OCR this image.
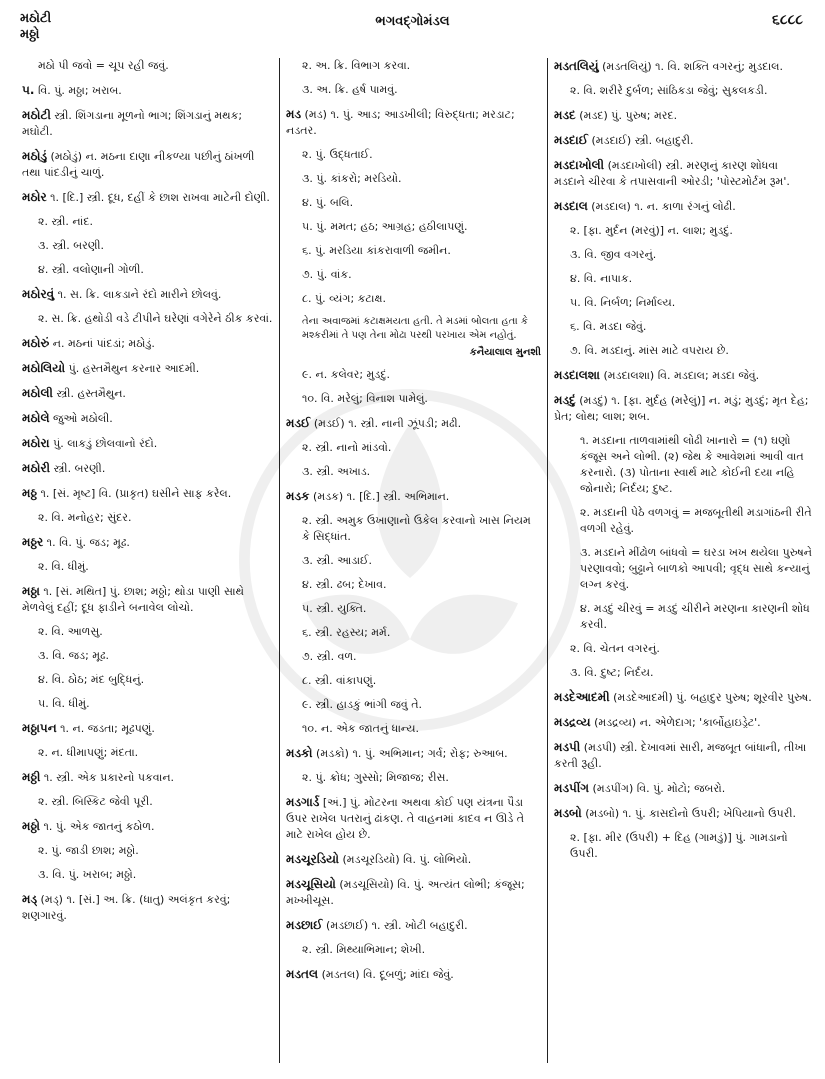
મઠોટી
મઠ્ઠો
ભગવદ્ગોમંડલ	૬૮૮૮
મઠો પી જવો = ચૂપ રહી જવું.
૫. વિ. પું. મઠ્ઠા; ખરાબ.
મઠોટી સ્ત્રી. શિંગડાના મૂળનો ભાગ; શિંગડાનું મથક; મઘોટી.
મઠોડું (મઠોડું) ન. મઠના દાણા નીકળ્યા પછીનું ઠાંખળી તથા પાંદડીનું ચાળું.
મઠોર ૧. [દિ.] સ્ત્રી. દૂધ, દહીં કે છાશ રાખવા માટેની દોણી.
૨. સ્ત્રી. નાંદ.
૩. સ્ત્રી. બરણી.
૪. સ્ત્રી. વલોણાની ગોળી.
મઠોરવું ૧. સ. ક્રિ. લાકડાને રંદો મારીને છોલવું.
૨. સ. ક્રિ. હથોડી વડે ટીપીને ઘરેણાં વગેરેને ઠીક કરવાં.
મઠોરું ન. મઠનાં પાંદડાં; મઠોડું.
મઠોલિયો પું. હસ્તમૈથુન કરનાર આદમી.
મઠોલી સ્ત્રી. હસ્તમૈથુન.
મઠોલે જુઓ મઠોલી.
મઠોરા પું. લાકડું છોલવાનો રંદો.
મઠોરી સ્ત્રી. બરણી.
મઠ્ઠ ૧. [સં. મૃષ્ટ] વિ. (પ્રાકૃત) ઘસીને સાફ કરેલ.
૨. વિ. મનોહર; સુંદર.
મઠ્ઠર ૧. વિ. પું. જડ; મૂઢ.
૨. વિ. ધીમું.
મઠ્ઠા ૧. [સં. મથિત] પું. છાશ; મઠ્ઠો; થોડા પાણી સાથે મેળવેલું દહીં; દૂધ ફાડીને બનાવેલ લોચો.
૨. વિ. આળસુ.
૩. વિ. જડ; મૂઢ.
૪. વિ. ઠોઠ; મંદ બુદ્ધિનું.
૫. વિ. ધીમું.
મઠ્ઠાપન ૧. ન. જડતા; મૂઢપણું.
૨. ન. ધીમાપણું; મંદતા.
મઠ્ઠી ૧. સ્ત્રી. એક પ્રકારનો પકવાન.
૨. સ્ત્રી. બિસ્કિટ જેવી પૂરી.
મઠ્ઠો ૧. પું. એક જાતનું કઠોળ.
૨. પું. જાડી છાશ; મઠ્ઠો.
૩. વિ. પું. ખરાબ; મઠ્ઠો.
મડ્ (મડ્) ૧. [સં.] અ. ક્રિ. (ધાતુ) અલંકૃત કરવું; શણગારવું.
૨. અ. ક્રિ. વિભાગ કરવા.
૩. અ. ક્રિ. હર્ષ પામવું.
મડ (મડ) ૧. પું. આડ; આડખીલી; વિરુદ્ધતા; મરડાટ; નડતર.
૨. પું. ઉદ્ધતાઈ.
૩. પું. કાંકરો; મરડિયો.
૪. પું. બલિ.
૫. પું. મમત; હઠ; આગ્રહ; હઠીલાપણું.
૬. પું. મરડિયા કાંકરાવાળી જમીન.
૭. પું. વાંક.
૮. પું. વ્યંગ; કટાક્ષ.
તેના અવાજમાં કટાક્ષમયતા હતી. તે મડમાં બોલતા હતા કે મશ્કરીમાં તે પણ તેના મોઢા પરથી પરખાય એમ નહોતું.
કનૈયાલાલ મુનશી
૯. ન. કલેવર; મુડદું.
૧૦. વિ. મરેલું; વિનાશ પામેલું.
મડઈ (મડઈ) ૧. સ્ત્રી. નાની ઝૂંપડી; મઢી.
૨. સ્ત્રી. નાનો માંડવો.
૩. સ્ત્રી. અખાડ.
મડક (મડક) ૧. [દિ.] સ્ત્રી. અભિમાન.
૨. સ્ત્રી. અમુક ઉખાણાનો ઉકેલ કરવાનો ખાસ નિયમ કે સિદ્ધાંત.
૩. સ્ત્રી. આડાઈ.
૪. સ્ત્રી. ઢબ; દેખાવ.
૫. સ્ત્રી. યુક્તિ.
૬. સ્ત્રી. રહસ્ય; મર્મ.
૭. સ્ત્રી. વળ.
૮. સ્ત્રી. વાંકાપણું.
૯. સ્ત્રી. હાડકું ભાંગી જવું તે.
૧૦. ન. એક જાતનું ધાન્ય.
મડકો (મડકો) ૧. પું. અભિમાન; ગર્વ; રોફ; રુઆબ.
૨. પું. ક્રોધ; ગુસ્સો; મિજાજ; રીસ.
મડગાર્ડ [અં.] પું. મોટરના અથવા કોઈ પણ યંત્રના પૈડા ઉપર રાખેલ પતરાનું ઢાંકણ. તે વાહનમાં કાદવ ન ઊડે તે માટે રાખેલ હોય છે.
મડચૂરડિયો (મડચૂરડિયો) વિ. પું. લોભિયો.
મડચૂસિયો (મડચૂસિયો) વિ. પું. અત્યંત લોભી; કંજૂસ; મખ્ખીચૂસ.
મડછાઈ (મડછાઈ) ૧. સ્ત્રી. ખોટી બહાદુરી.
૨. સ્ત્રી. મિથ્યાભિમાન; શેખી.
મડતલ (મડતલ) વિ. દૂબળું; માંદા જેવું.
મડતલિયું (મડતલિયું) ૧. વિ. શક્તિ વગરનું; મુડદાલ.
૨. વિ. શરીરે દુર્બળ; સાંઠિકડા જેવું; સુકલકડી.
મડદ (મડદ) પું. પુરુષ; મરદ.
મડદાઈ (મડદાઈ) સ્ત્રી. બહાદુરી.
મડદાખોલી (મડદાખોલી) સ્ત્રી. મરણનું કારણ શોધવા મડદાને ચીરવા કે તપાસવાની ઓરડી; 'પોસ્ટમોર્ટમ રૂમ'.
મડદાલ (મડદાલ) ૧. ન. કાળા રંગનું લોઢી.
૨. [ફા. મુર્દન (મરવું)] ન. લાશ; મુડદું.
૩. વિ. જીવ વગરનું.
૪. વિ. નાપાક.
૫. વિ. નિર્બળ; નિર્માલ્ય.
૬. વિ. મડદા જેવું.
૭. વિ. મડદાનું. માંસ માટે વપરાય છે.
મડદાલશા (મડદાલશા) વિ. મડદાલ; મડદા જેવું.
મડદું (મડદું) ૧. [ફા. મુર્દહ (મરેલું)] ન. મડું; મુડદું; મૃત દેહ; પ્રેત; લોથ; લાશ; શબ.
૧. મડદાના તાળવામાંથી લોઢી ખાનારો = (૧) ઘણો કંજૂસ અને લોભી. (૨) જેથ કે આવેશમાં આવી વાત કરનારો. (૩) પોતાના સ્વાર્થ માટે કોઈની દયા નહિ જોનારો; નિર્દય; દુષ્ટ.
૨. મડદાની પેઠે વળગવું = મજબૂતીથી મડાગાંઠની રીતે વળગી રહેવું.
૩. મડદાને મીંઢોળ બાંધવો = ઘરડા ખખ થયેલા પુરુષને પરણાવવો; બુઢ્ઢાને બાળકો આપવી; વૃદ્ધ સાથે કન્યાનું લગ્ન કરવું.
૪. મડદું ચીરવું = મડદું ચીરીને મરણના કારણની શોધ કરવી.
૨. વિ. ચેતન વગરનું.
૩. વિ. દુષ્ટ; નિર્દય.
મડદેઆદમી (મડદેઆદમી) પું. બહાદુર પુરુષ; શૂરવીર પુરુષ.
મડદ્રવ્ય (મડદ્રવ્ય) ન. એળેદાગ; 'કાર્બોહાઇડ્રેટ'.
મડપી (મડપી) સ્ત્રી. દેખાવમાં સારી, મજબૂત બાંધાની, તીખા કરતી રૂહી.
મડપીંગ (મડપીંગ) વિ. પું. મોટો; જબરો.
મડબો (મડબો) ૧. પું. કાસદોનો ઉપરી; ખેપિયાનો ઉપરી.
૨. [ફા. મીર (ઉપરી) + દિહ (ગામડું)] પું. ગામડાનો ઉપરી.
